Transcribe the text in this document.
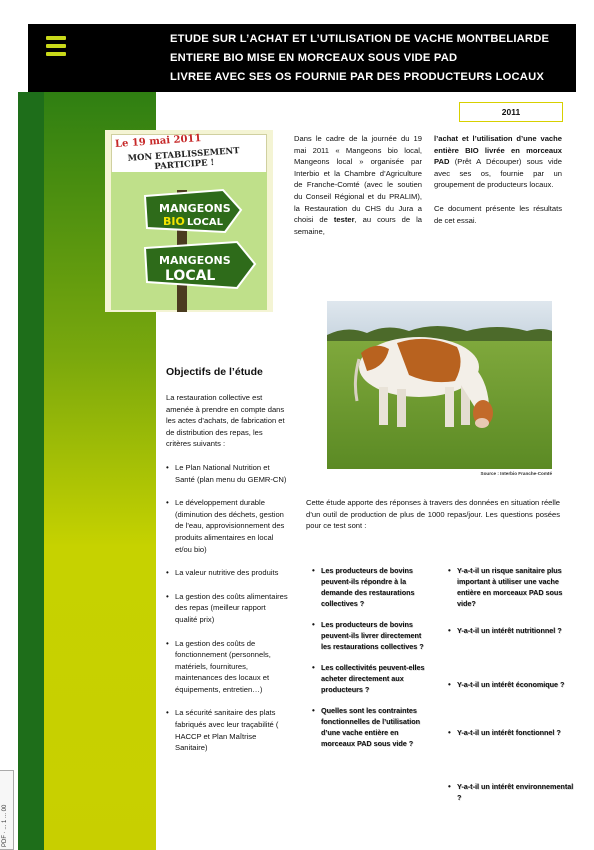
ETUDE SUR L’ACHAT ET L’UTILISATION DE VACHE MONTBELIARDE
ENTIERE BIO MISE EN MORCEAUX SOUS VIDE PAD
LIVREE AVEC SES OS FOURNIE PAR DES PRODUCTEURS LOCAUX
2011
MANGEONS
BIO LOCAL
MANGEONS
LOCAL
Le 19 mai 2011
MON ETABLISSEMENT PARTICIPE !
Dans le cadre de la journée du 19 mai 2011 « Mangeons bio local, Mangeons local » organisée par Interbio et la Chambre d’Agriculture de Franche-Comté (avec le soutien du Conseil Régional et du PRALIM), la Restauration du CHS du Jura a choisi de tester, au cours de la semaine,

l’achat et l’utilisation d’une vache entière BIO livrée en morceaux PAD (Prêt A Découper) sous vide avec ses os, fournie par un groupement de producteurs locaux.

Ce document présente les résultats de cet essai.

Source : Interbio Franche-Comté
Objectifs de l’étude

La restauration collective est amenée à prendre en compte dans les actes d’achats, de fabrication et de distribution des repas, les critères suivants :

• Le Plan National Nutrition et Santé (plan menu du GEMR-CN)
• Le développement durable (diminution des déchets, gestion de l’eau, approvisionnement des produits alimentaires en local et/ou bio)
• La valeur nutritive des produits
• La gestion des coûts alimentaires des repas (meilleur rapport qualité prix)
• La gestion des coûts de fonctionnement (personnels, matériels, fournitures, maintenances des locaux et équipements, entretien…)
• La sécurité sanitaire des plats fabriqués avec leur traçabilité ( HACCP et Plan Maîtrise Sanitaire)
Cette étude apporte des réponses à travers des données en situation réelle d’un outil de production de plus de 1000 repas/jour. Les questions posées pour ce test sont :
• Les producteurs de bovins peuvent-ils répondre à la demande des restaurations collectives ?
• Les producteurs de bovins peuvent-ils livrer directement les restaurations collectives ?
• Les collectivités peuvent-elles acheter directement aux producteurs ?
• Quelles sont les contraintes fonctionnelles de l’utilisation d’une vache entière en morceaux PAD sous vide ?
• Y-a-t-il un risque sanitaire plus important à utiliser une vache entière en morceaux PAD sous vide?
• Y-a-t-il un intérêt nutritionnel ?
• Y-a-t-il un intérêt économique ?
• Y-a-t-il un intérêt fonctionnel ?
• Y-a-t-il un intérêt environnemental ?
PDF · ... 1 ... 00
